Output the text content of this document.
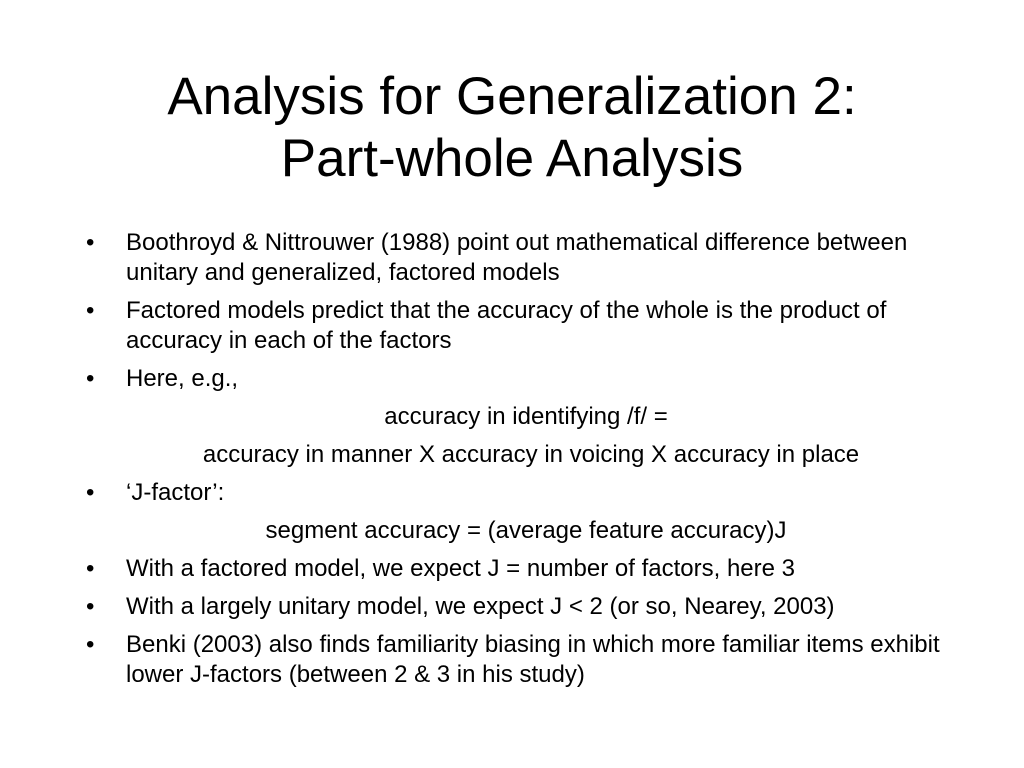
Analysis for Generalization 2:
Part-whole Analysis
•	Boothroyd & Nittrouwer (1988) point out mathematical difference between unitary and generalized, factored models
•	Factored models predict that the accuracy of the whole is the product of accuracy in each of the factors
•	Here, e.g.,
accuracy in identifying /f/ =
accuracy in manner X accuracy in voicing X accuracy in place
•	‘J-factor’:
segment accuracy = (average feature accuracy)J
•	With a factored model, we expect J = number of factors, here 3
•	With a largely unitary model, we expect J < 2 (or so, Nearey, 2003)
•	Benki (2003) also finds familiarity biasing in which more familiar items exhibit lower J-factors (between 2 & 3 in his study)
